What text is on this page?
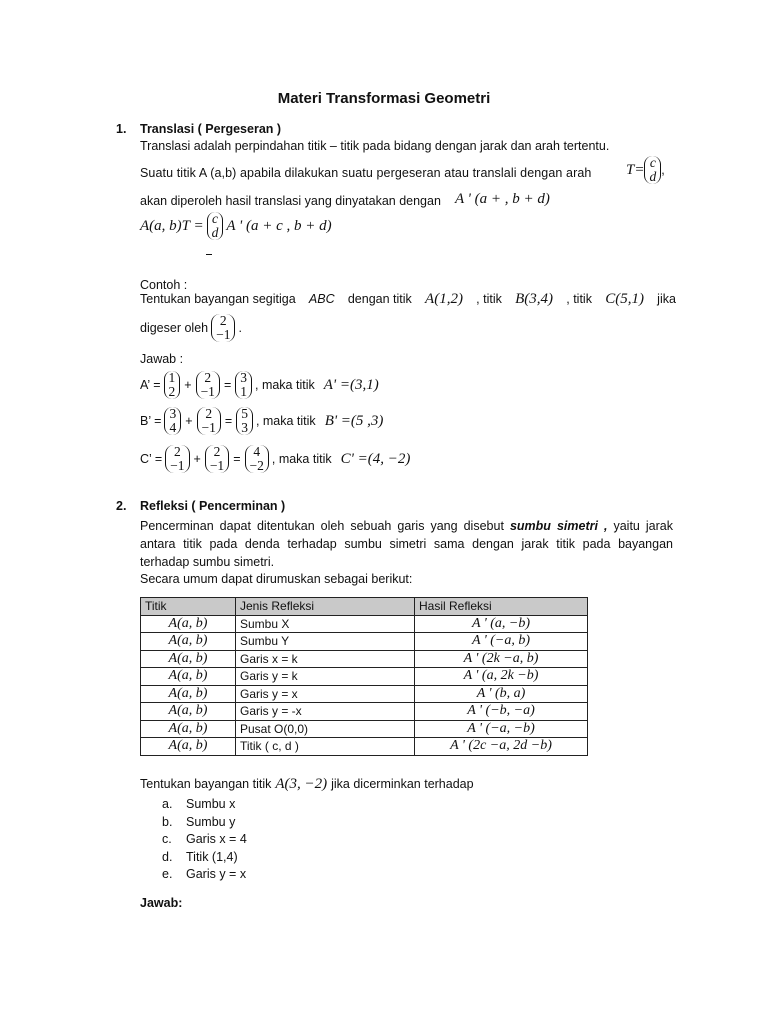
Materi Transformasi Geometri
1. Translasi ( Pergeseran )
Translasi adalah perpindahan titik – titik pada bidang dengan jarak dan arah tertentu.
Suatu titik A (a,b) apabila dilakukan suatu pergeseran atau translali dengan arah	T= c
d ,
akan diperoleh hasil translasi yang dinyatakan dengan A ' (a + , b + d)
A(a, b)T = c
d A ' (a + c , b + d)
Contoh :
Tentukan bayangan segitiga ABC dengan titik A(1,2) , titik B(3,4) , titik C(5,1) jika
digeser oleh 2
−1 .
Jawab :
A’ = 1
2 + 2
−1 = 3
1 , maka titik A' =(3,1)
B’ = 3
4 + 2
−1 = 5
3 , maka titik B' =(5 ,3)
C’ = 2
−1 + 2
−1 = 4
−2 , maka titik C' =(4, −2)
2. Refleksi ( Pencerminan )
Pencerminan dapat ditentukan oleh sebuah garis yang disebut sumbu simetri , yaitu jarak antara titik pada denda terhadap sumbu simetri sama dengan jarak titik pada bayangan terhadap sumbu simetri.
Secara umum dapat dirumuskan sebagai berikut:
Titik	Jenis Refleksi	Hasil Refleksi
A(a, b)	Sumbu X	A ' (a, −b)
A(a, b)	Sumbu Y	A ' (−a, b)
A(a, b)	Garis x = k	A ' (2k −a, b)
A(a, b)	Garis y = k	A ' (a, 2k −b)
A(a, b)	Garis y = x	A ' (b, a)
A(a, b)	Garis y = -x	A ' (−b, −a)
A(a, b)	Pusat O(0,0)	A ' (−a, −b)
A(a, b)	Titik ( c, d )	A ' (2c −a, 2d −b)
Tentukan bayangan titik A(3, −2) jika dicerminkan terhadap
a.	Sumbu x
b.	Sumbu y
c.	Garis x = 4
d.	Titik (1,4)
e.	Garis y = x
Jawab:
